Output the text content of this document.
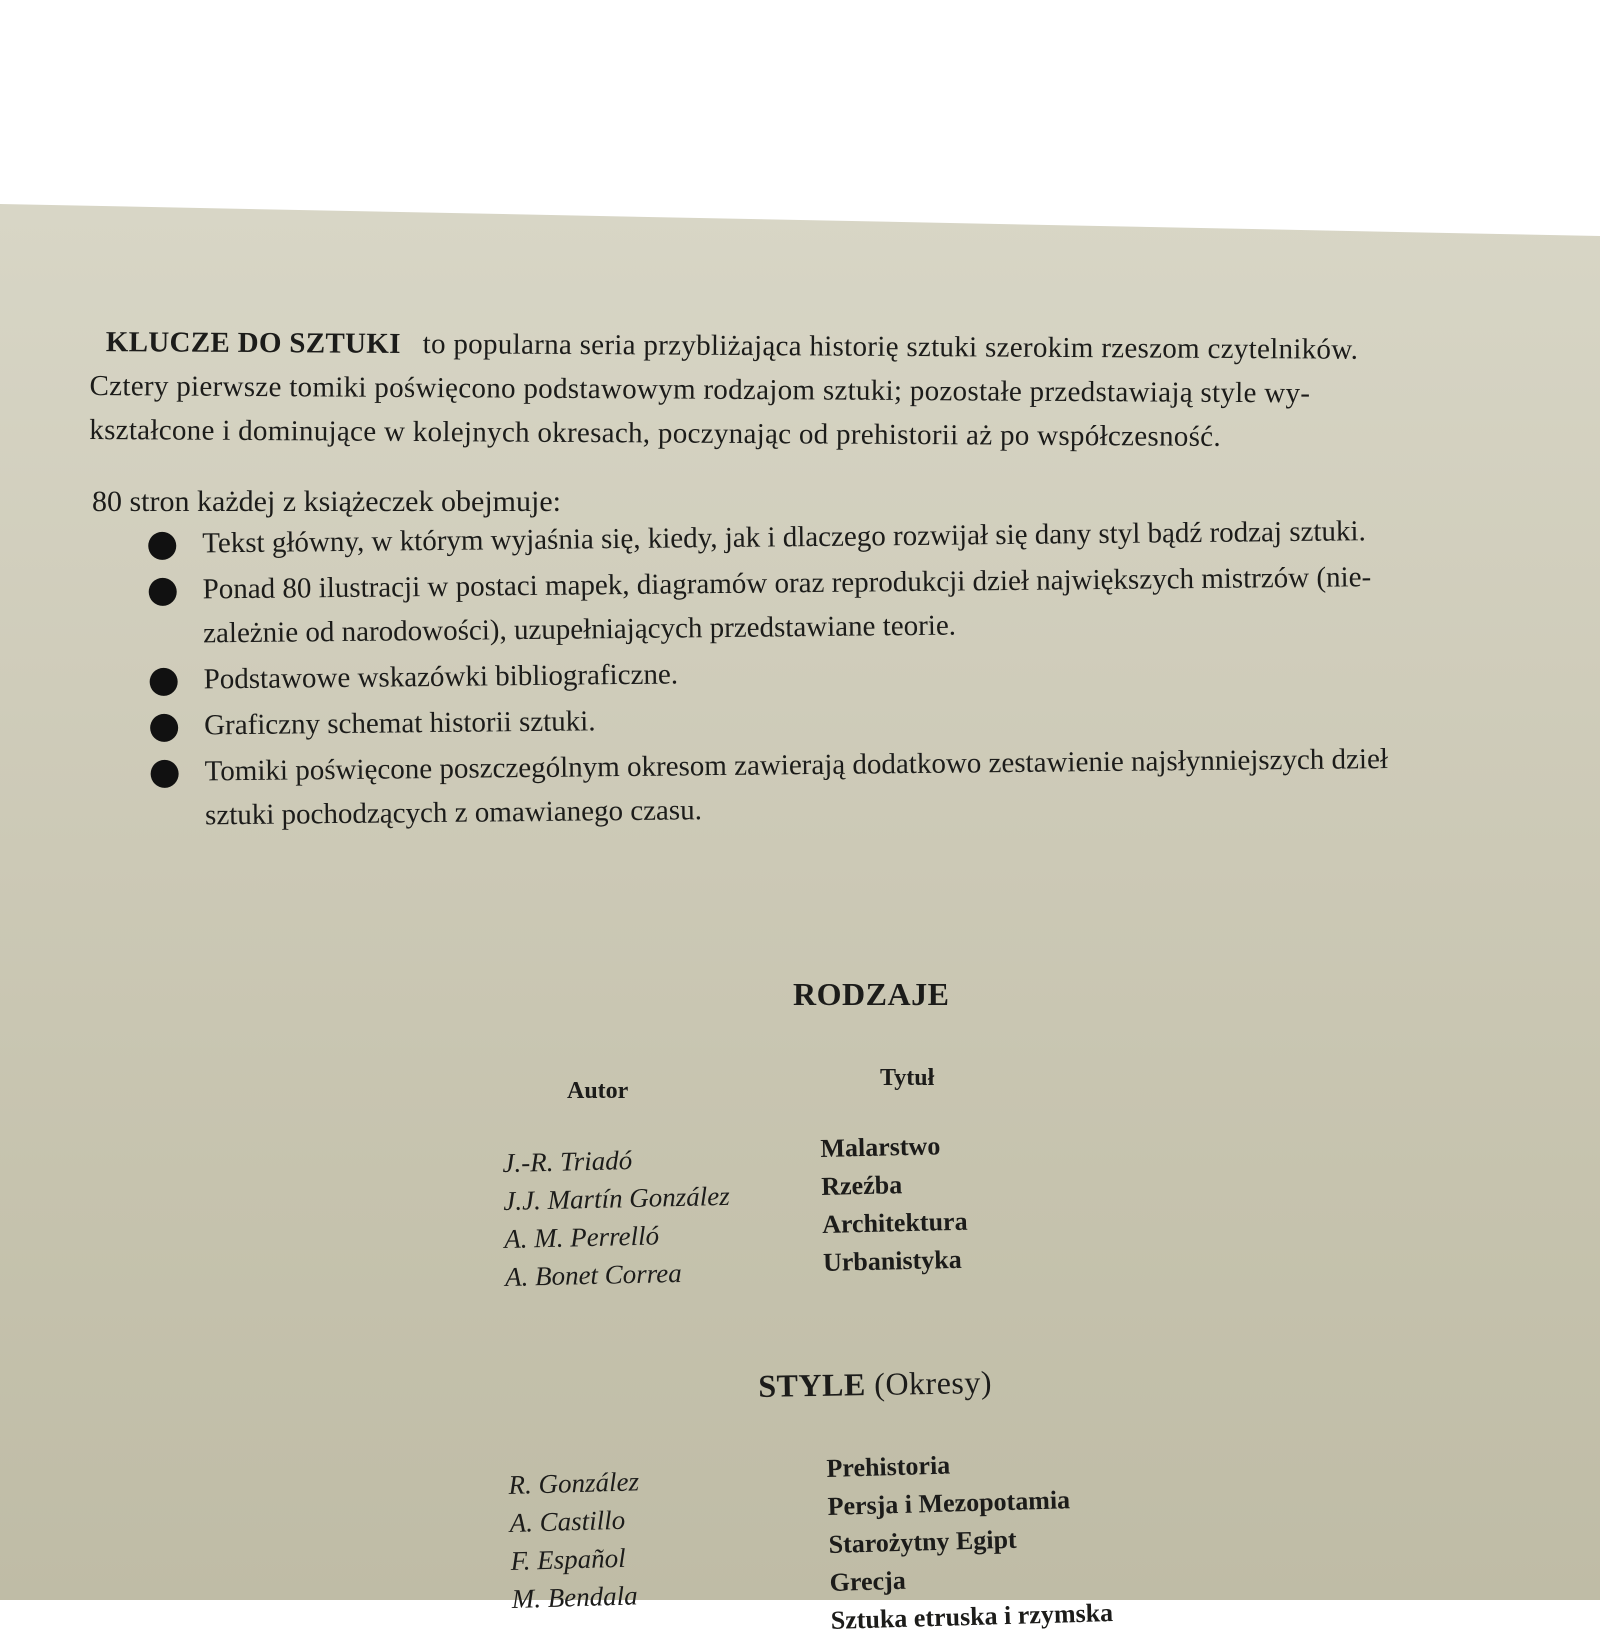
KLUCZE DO SZTUKI to popularna seria przybliżająca historię sztuki szerokim rzeszom czytelników.

Cztery pierwsze tomiki poświęcono podstawowym rodzajom sztuki; pozostałe przedstawiają style wy-

kształcone i dominujące w kolejnych okresach, poczynając od prehistorii aż po współczesność.

80 stron każdej z książeczek obejmuje:
Tekst główny, w którym wyjaśnia się, kiedy, jak i dlaczego rozwijał się dany styl bądź rodzaj sztuki.
Ponad 80 ilustracji w postaci mapek, diagramów oraz reprodukcji dzieł największych mistrzów (nie-
zależnie od narodowości), uzupełniających przedstawiane teorie.
Podstawowe wskazówki bibliograficzne.
Graficzny schemat historii sztuki.
Tomiki poświęcone poszczególnym okresom zawierają dodatkowo zestawienie najsłynniejszych dzieł
sztuki pochodzących z omawianego czasu.
RODZAJE
Autor	Tytuł
J.-R. Triadó
J.J. Martín González
A. M. Perrelló
A. Bonet Correa
Malarstwo
Rzeźba
Architektura
Urbanistyka
STYLE (Okresy)
R. González
A. Castillo
F. Español
M. Bendala
Prehistoria
Persja i Mezopotamia
Starożytny Egipt
Grecja
Sztuka etruska i rzymska
